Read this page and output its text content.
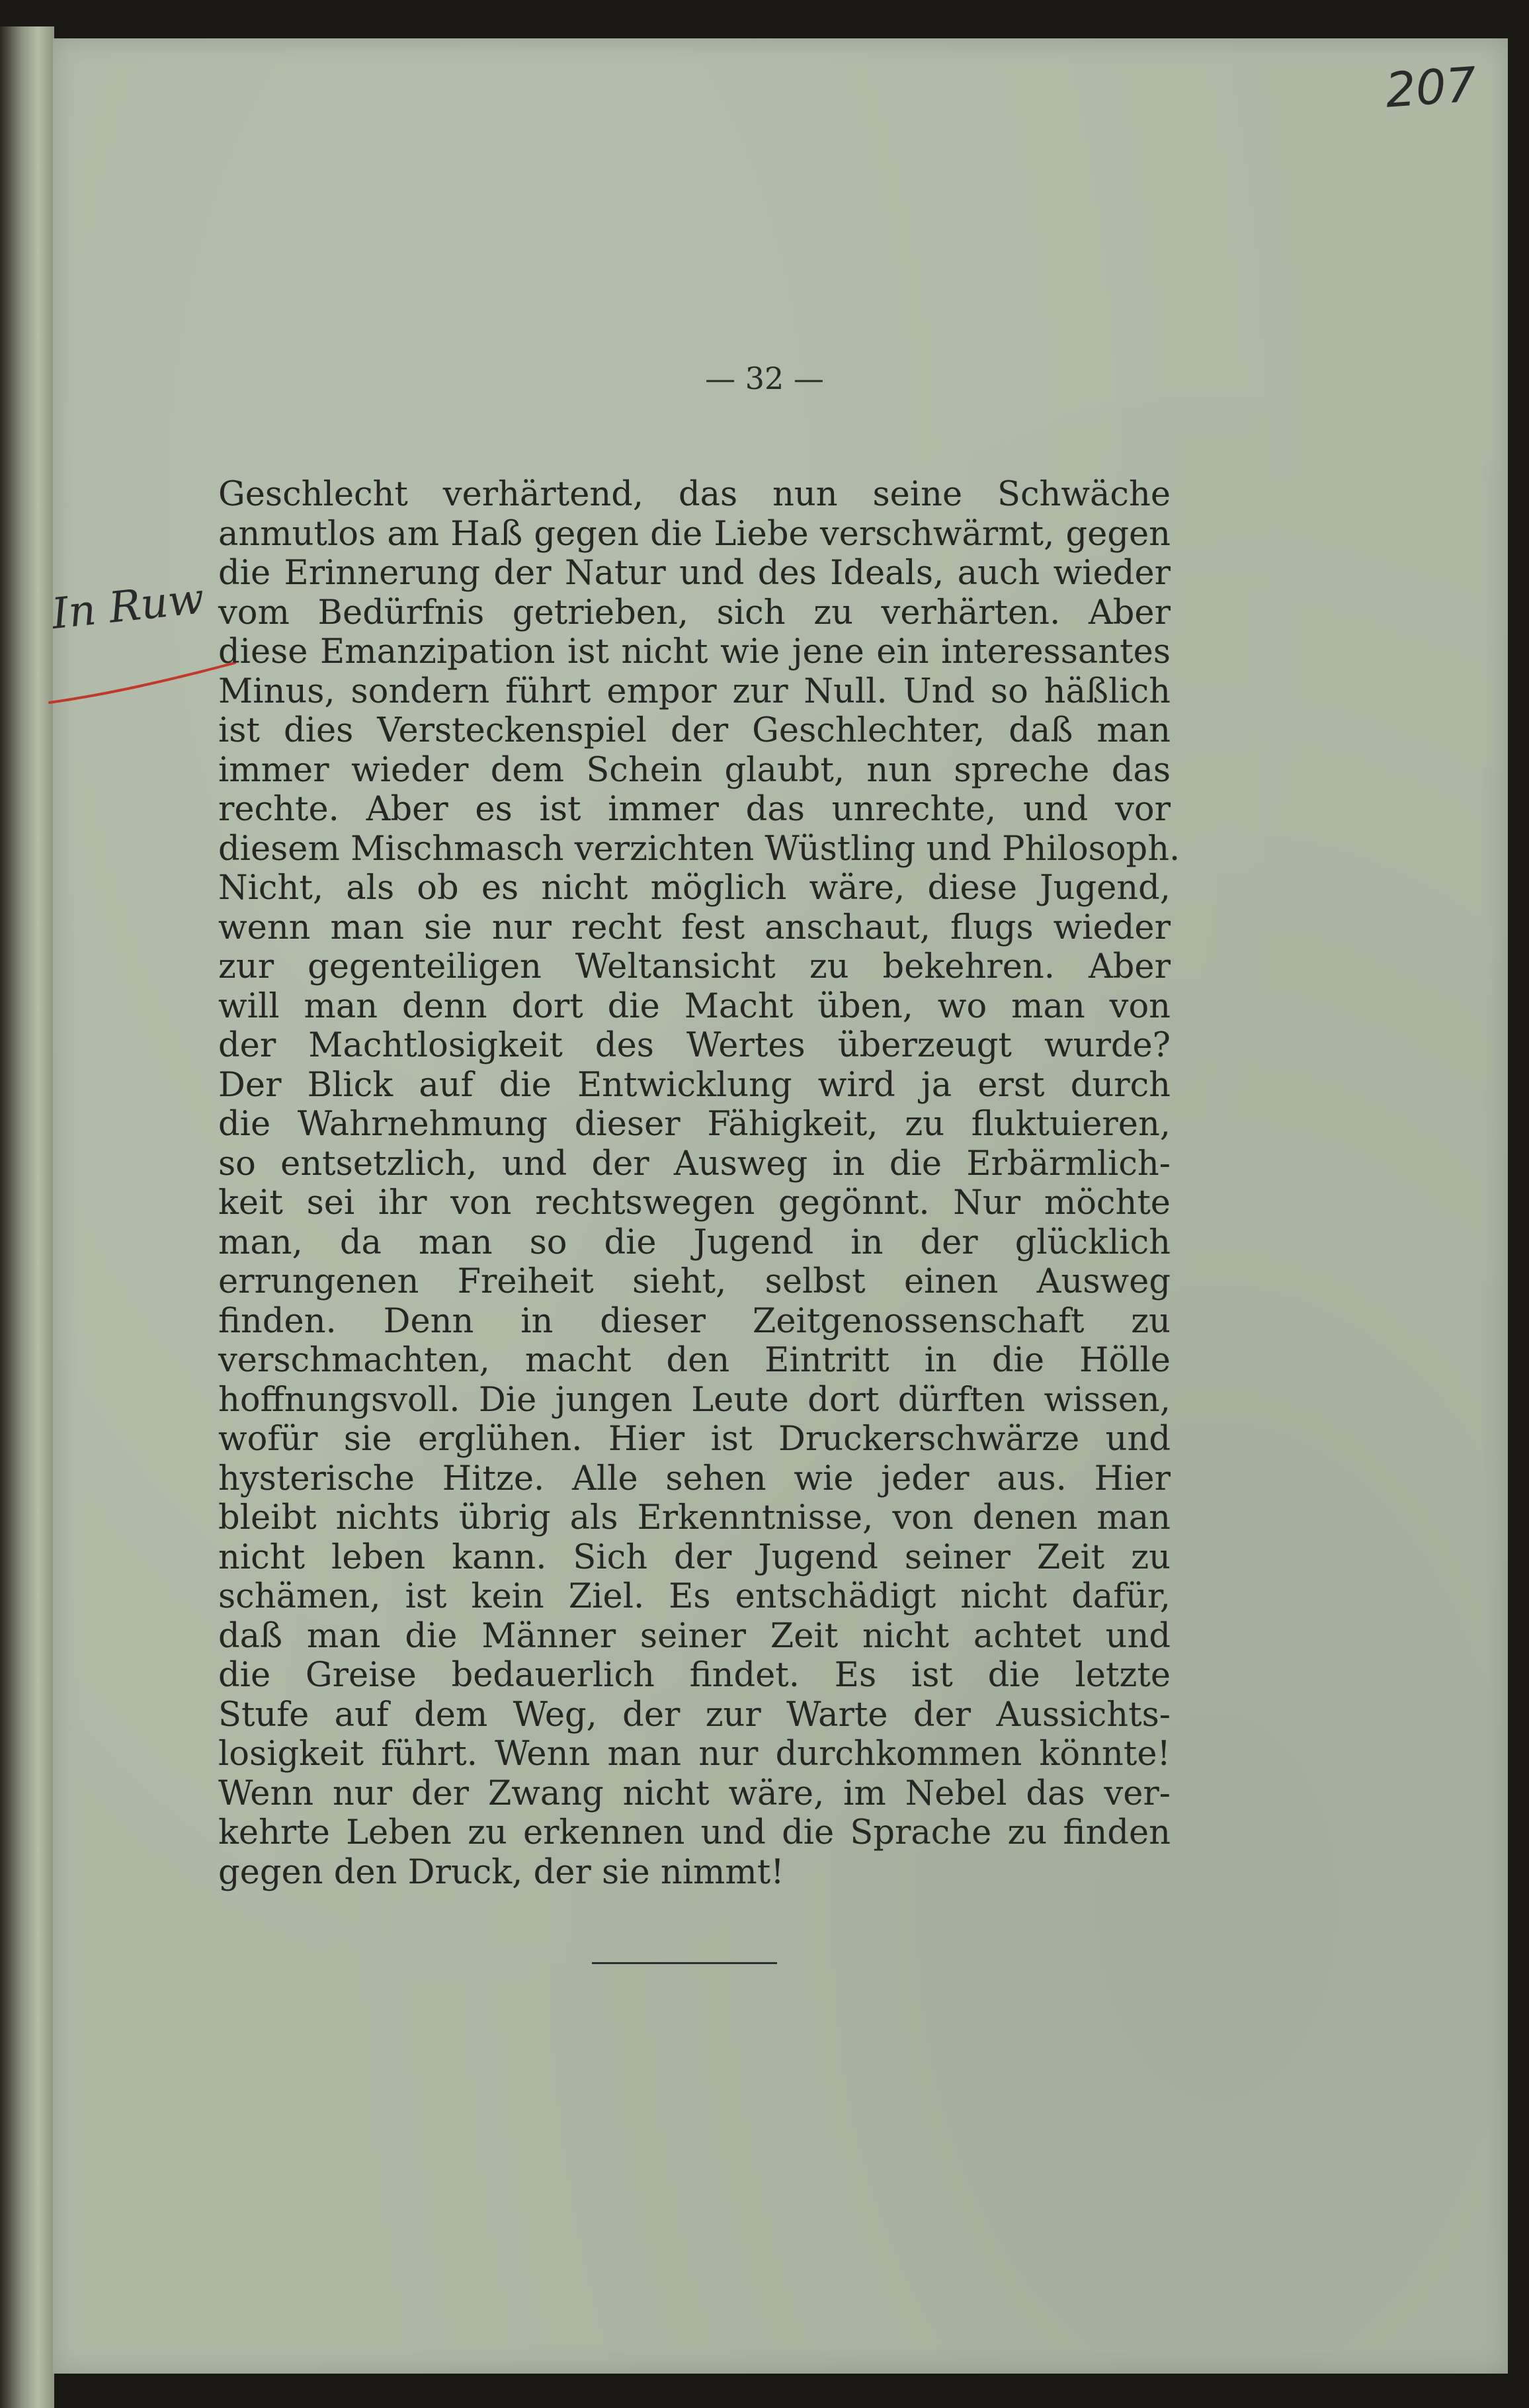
207
In Ruw
— 32 —
Geschlecht verhärtend, das nun seine Schwäche
anmutlos am Haß gegen die Liebe verschwärmt, gegen
die Erinnerung der Natur und des Ideals, auch wieder
vom Bedürfnis getrieben, sich zu verhärten. Aber
diese Emanzipation ist nicht wie jene ein interessantes
Minus, sondern führt empor zur Null. Und so häßlich
ist dies Versteckenspiel der Geschlechter, daß man
immer wieder dem Schein glaubt, nun spreche das
rechte. Aber es ist immer das unrechte, und vor
diesem Mischmasch verzichten Wüstling und Philosoph.
Nicht, als ob es nicht möglich wäre, diese Jugend,
wenn man sie nur recht fest anschaut, flugs wieder
zur gegenteiligen Weltansicht zu bekehren. Aber
will man denn dort die Macht üben, wo man von
der Machtlosigkeit des Wertes überzeugt wurde?
Der Blick auf die Entwicklung wird ja erst durch
die Wahrnehmung dieser Fähigkeit, zu fluktuieren,
so entsetzlich, und der Ausweg in die Erbärmlich-
keit sei ihr von rechtswegen gegönnt. Nur möchte
man, da man so die Jugend in der glücklich
errungenen Freiheit sieht, selbst einen Ausweg
finden. Denn in dieser Zeitgenossenschaft zu
verschmachten, macht den Eintritt in die Hölle
hoffnungsvoll. Die jungen Leute dort dürften wissen,
wofür sie erglühen. Hier ist Druckerschwärze und
hysterische Hitze. Alle sehen wie jeder aus. Hier
bleibt nichts übrig als Erkenntnisse, von denen man
nicht leben kann. Sich der Jugend seiner Zeit zu
schämen, ist kein Ziel. Es entschädigt nicht dafür,
daß man die Männer seiner Zeit nicht achtet und
die Greise bedauerlich findet. Es ist die letzte
Stufe auf dem Weg, der zur Warte der Aussichts-
losigkeit führt. Wenn man nur durchkommen könnte!
Wenn nur der Zwang nicht wäre, im Nebel das ver-
kehrte Leben zu erkennen und die Sprache zu finden
gegen den Druck, der sie nimmt!
